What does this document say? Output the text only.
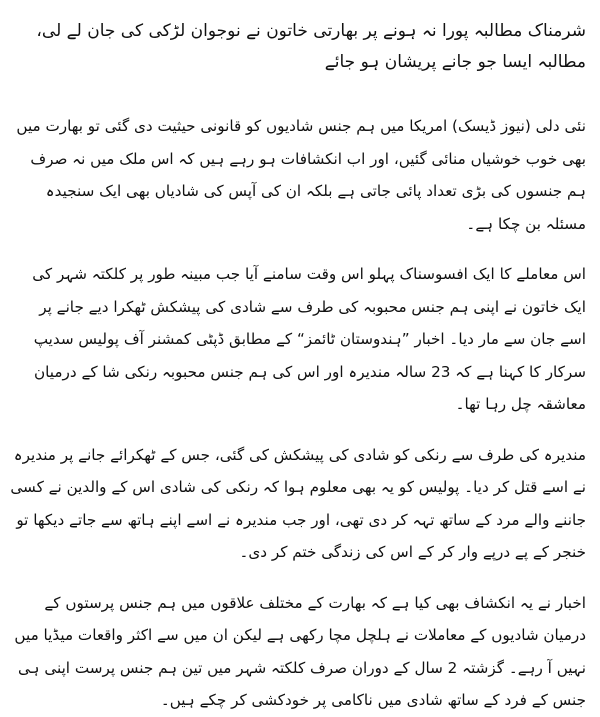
شرمناک مطالبہ پورا نہ ہونے پر بھارتی خاتون نے نوجوان لڑکی کی جان لے لی، مطالبہ ایسا جو جانے پریشان ہو جائے
نئی دلی (نیوز ڈیسک) امریکا میں ہم جنس شادیوں کو قانونی حیثیت دی گئی تو بھارت میں بھی خوب خوشیاں منائی گئیں، اور اب انکشافات ہو رہے ہیں کہ اس ملک میں نہ صرف ہم جنسوں کی بڑی تعداد پائی جاتی ہے بلکہ ان کی آپس کی شادیاں بھی ایک سنجیدہ مسئلہ بن چکا ہے۔
اس معاملے کا ایک افسوسناک پہلو اس وقت سامنے آیا جب مبینہ طور پر کلکتہ شہر کی ایک خاتون نے اپنی ہم جنس محبوبہ کی طرف سے شادی کی پیشکش ٹھکرا دیے جانے پر اسے جان سے مار دیا۔ اخبار ”ہندوستان ٹائمز“ کے مطابق ڈپٹی کمشنر آف پولیس سدیپ سرکار کا کہنا ہے کہ 23 سالہ مندیرہ اور اس کی ہم جنس محبوبہ رنکی شا کے درمیان معاشقہ چل رہا تھا۔
مندیرہ کی طرف سے رنکی کو شادی کی پیشکش کی گئی، جس کے ٹھکرائے جانے پر مندیرہ نے اسے قتل کر دیا۔ پولیس کو یہ بھی معلوم ہوا کہ رنکی کی شادی اس کے والدین نے کسی جاننے والے مرد کے ساتھ تہہ کر دی تھی، اور جب مندیرہ نے اسے اپنے ہاتھ سے جاتے دیکھا تو خنجر کے پے درپے وار کر کے اس کی زندگی ختم کر دی۔
اخبار نے یہ انکشاف بھی کیا ہے کہ بھارت کے مختلف علاقوں میں ہم جنس پرستوں کے درمیان شادیوں کے معاملات نے ہلچل مچا رکھی ہے لیکن ان میں سے اکثر واقعات میڈیا میں نہیں آ رہے۔ گزشتہ 2 سال کے دوران صرف کلکتہ شہر میں تین ہم جنس پرست اپنی ہی جنس کے فرد کے ساتھ شادی میں ناکامی پر خودکشی کر چکے ہیں۔
